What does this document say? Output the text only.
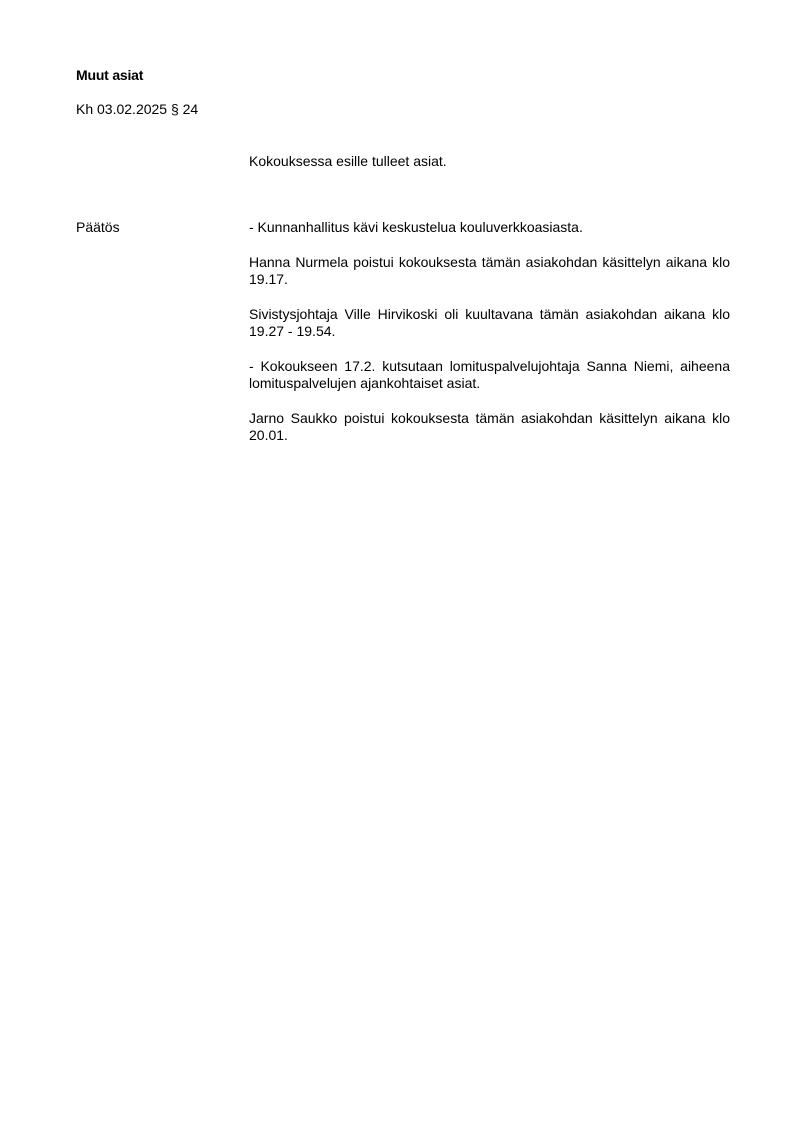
Muut asiat
Kh 03.02.2025 § 24
Kokouksessa esille tulleet asiat.
Päätös	- Kunnanhallitus kävi keskustelua kouluverkkoasiasta.

Hanna Nurmela poistui kokouksesta tämän asiakohdan käsittelyn aikana klo 19.17.

Sivistysjohtaja Ville Hirvikoski oli kuultavana tämän asiakohdan aikana klo 19.27 - 19.54.

- Kokoukseen 17.2. kutsutaan lomituspalvelujohtaja Sanna Niemi, aiheena lomituspalvelujen ajankohtaiset asiat.

Jarno Saukko poistui kokouksesta tämän asiakohdan käsittelyn aikana klo 20.01.
